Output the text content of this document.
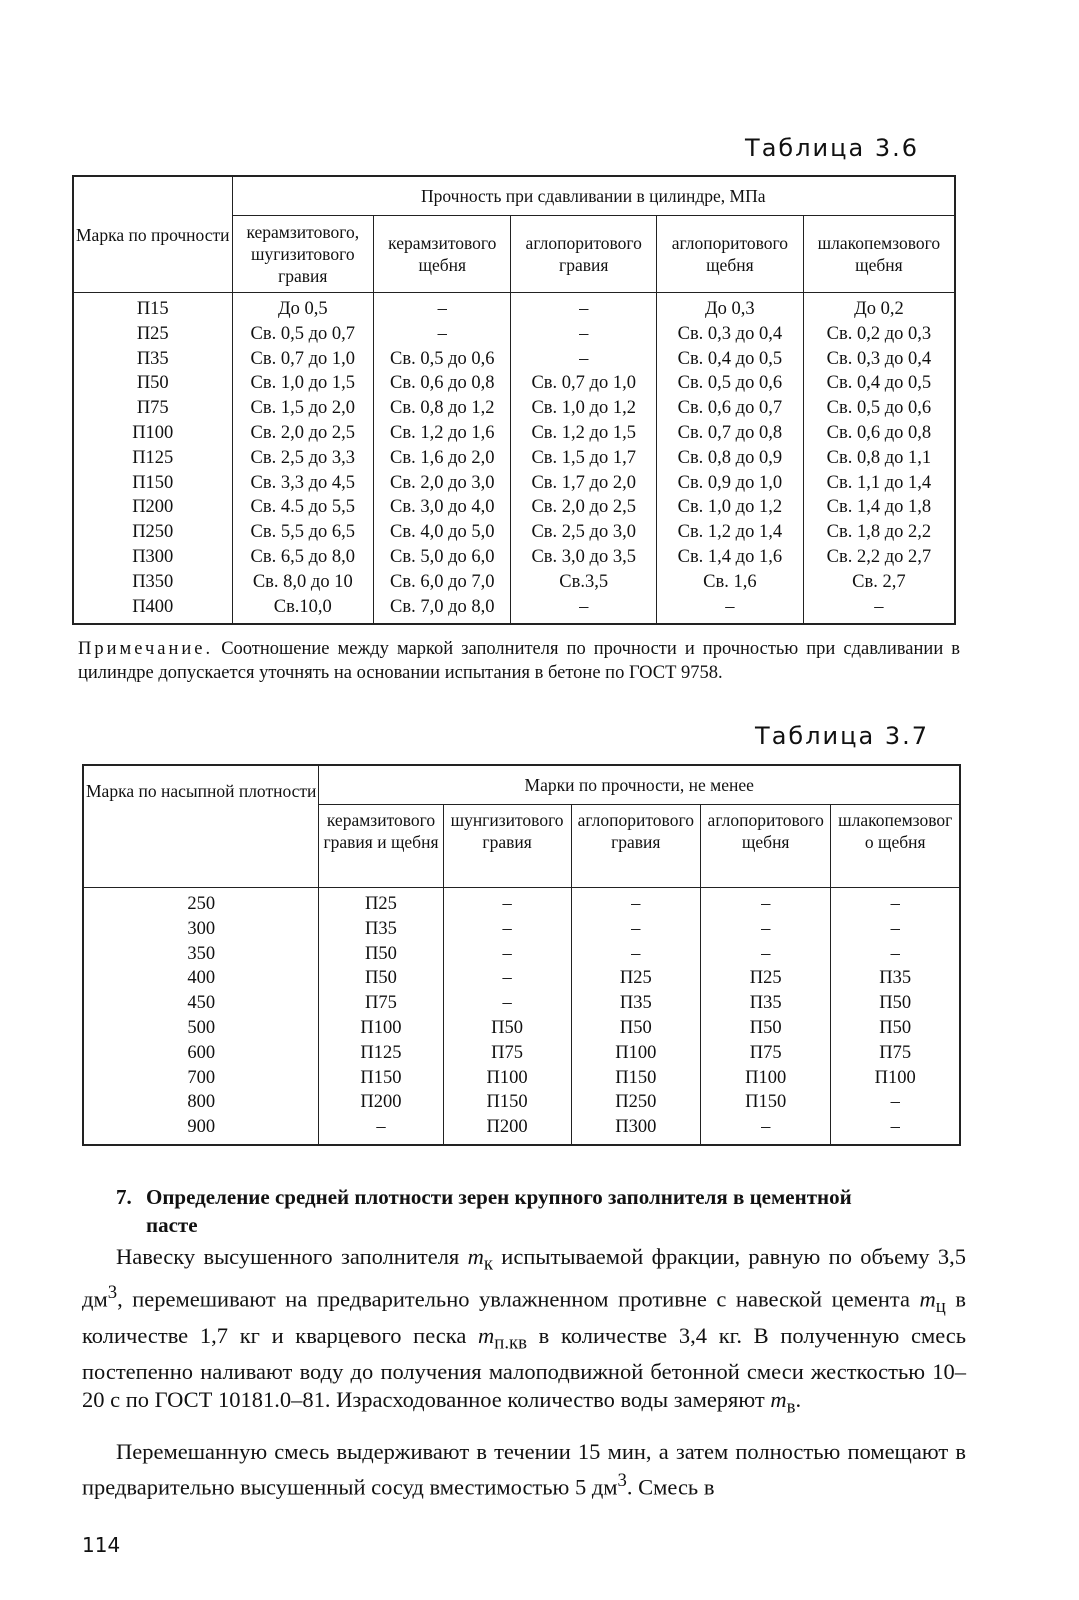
Таблица 3.6
Марка по прочности	Прочность при сдавливании в цилиндре, МПа				
	керамзитового, шугизитового гравия	керамзитового щебня	аглопоритового гравия	аглопоритового щебня	шлакопемзового щебня
П15	До 0,5	–	–	До 0,3	До 0,2
П25	Св. 0,5 до 0,7	–	–	Св. 0,3 до 0,4	Св. 0,2 до 0,3
П35	Св. 0,7 до 1,0	Св. 0,5 до 0,6	–	Св. 0,4 до 0,5	Св. 0,3 до 0,4
П50	Св. 1,0 до 1,5	Св. 0,6 до 0,8	Св. 0,7 до 1,0	Св. 0,5 до 0,6	Св. 0,4 до 0,5
П75	Св. 1,5 до 2,0	Св. 0,8 до 1,2	Св. 1,0 до 1,2	Св. 0,6 до 0,7	Св. 0,5 до 0,6
П100	Св. 2,0 до 2,5	Св. 1,2 до 1,6	Св. 1,2 до 1,5	Св. 0,7 до 0,8	Св. 0,6 до 0,8
П125	Св. 2,5 до 3,3	Св. 1,6 до 2,0	Св. 1,5 до 1,7	Св. 0,8 до 0,9	Св. 0,8 до 1,1
П150	Св. 3,3 до 4,5	Св. 2,0 до 3,0	Св. 1,7 до 2,0	Св. 0,9 до 1,0	Св. 1,1 до 1,4
П200	Св. 4.5 до 5,5	Св. 3,0 до 4,0	Св. 2,0 до 2,5	Св. 1,0 до 1,2	Св. 1,4 до 1,8
П250	Св. 5,5 до 6,5	Св. 4,0 до 5,0	Св. 2,5 до 3,0	Св. 1,2 до 1,4	Св. 1,8 до 2,2
П300	Св. 6,5 до 8,0	Св. 5,0 до 6,0	Св. 3,0 до 3,5	Св. 1,4 до 1,6	Св. 2,2 до 2,7
П350	Св. 8,0 до 10	Св. 6,0 до 7,0	Св.3,5	Св. 1,6	Св. 2,7
П400	Св.10,0	Св. 7,0 до 8,0	–	–	–
Примечание. Соотношение между маркой заполнителя по прочности и прочностью при сдавливании в цилиндре допускается уточнять на основании испытания в бетоне по ГОСТ 9758.
Таблица 3.7
Марка по насыпной плотности	Марки по прочности, не менее				
	керамзитового гравия и щебня	шунгизитового гравия	аглопоритового гравия	аглопоритового щебня	шлакопемзовог о щебня
250	П25	–	–	–	–
300	П35	–	–	–	–
350	П50	–	–	–	–
400	П50	–	П25	П25	П35
450	П75	–	П35	П35	П50
500	П100	П50	П50	П50	П50
600	П125	П75	П100	П75	П75
700	П150	П100	П150	П100	П100
800	П200	П150	П250	П150	–
900	–	П200	П300	–	–
7. Определение средней плотности зерен крупного заполнителя в цементной
пасте
Навеску высушенного заполнителя $m_к$ испытываемой фракции, равную по объему 3,5 $дм^3$, перемешивают на предварительно увлажненном противне с навеской цемента $m_ц$ в количестве 1,7 кг и кварцевого песка $m_{п.кв}$ в количестве 3,4 кг. В полученную смесь постепенно наливают воду до получения малоподвижной бетонной смеси жесткостью 10–20 с по ГОСТ 10181.0–81. Израсходованное количество воды замеряют $m_в$.
Перемешанную смесь выдерживают в течении 15 мин, а затем полностью помещают в предварительно высушенный сосуд вместимостью 5 $дм^3$. Смесь в
114
